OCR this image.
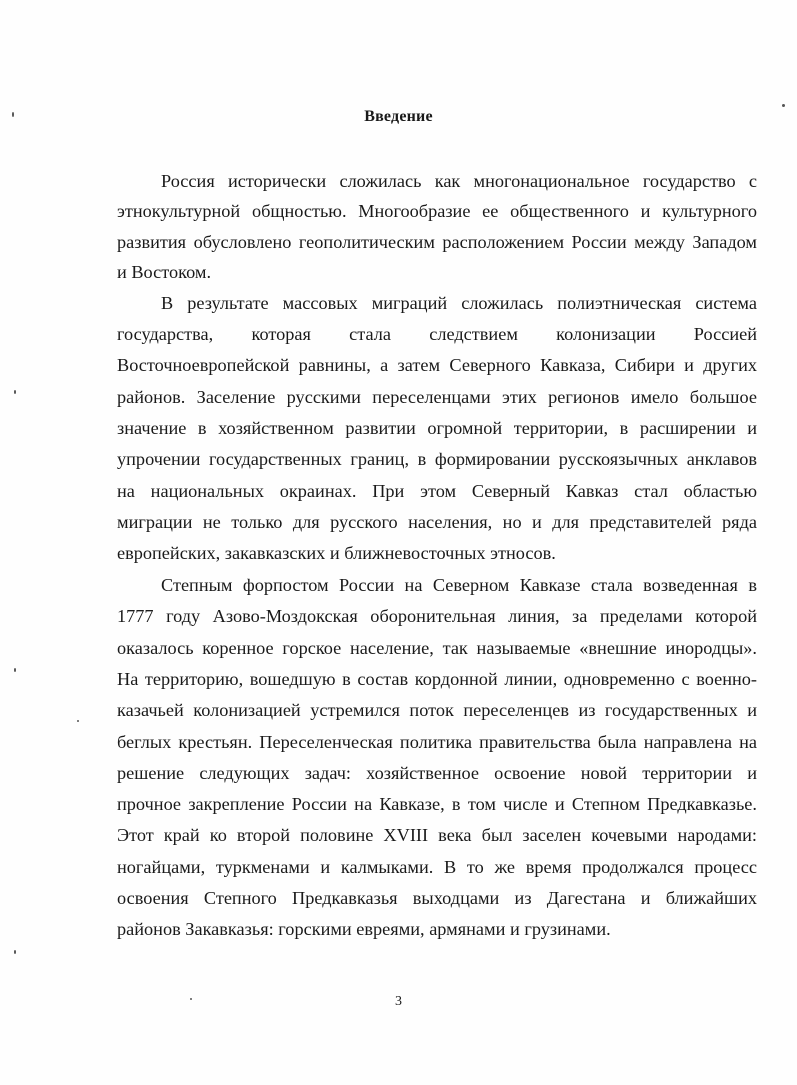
Введение
Россия исторически сложилась как многонациональное государство с
этнокультурной общностью. Многообразие ее общественного и культурного
развития обусловлено геополитическим расположением России между Западом
и Востоком.
В результате массовых миграций сложилась полиэтническая система
государства, которая стала следствием колонизации Россией
Восточноевропейской равнины, а затем Северного Кавказа, Сибири и других
районов. Заселение русскими переселенцами этих регионов имело большое
значение в хозяйственном развитии огромной территории, в расширении и
упрочении государственных границ, в формировании русскоязычных анклавов
на национальных окраинах. При этом Северный Кавказ стал областью
миграции не только для русского населения, но и для представителей ряда
европейских, закавказских и ближневосточных этносов.
Степным форпостом России на Северном Кавказе стала возведенная в
1777 году Азово-Моздокская оборонительная линия, за пределами которой
оказалось коренное горское население, так называемые «внешние инородцы».
На территорию, вошедшую в состав кордонной линии, одновременно с военно-
казачьей колонизацией устремился поток переселенцев из государственных и
беглых крестьян. Переселенческая политика правительства была направлена на
решение следующих задач: хозяйственное освоение новой территории и
прочное закрепление России на Кавказе, в том числе и Степном Предкавказье.
Этот край ко второй половине XVIII века был заселен кочевыми народами:
ногайцами, туркменами и калмыками. В то же время продолжался процесс
освоения Степного Предкавказья выходцами из Дагестана и ближайших
районов Закавказья: горскими евреями, армянами и грузинами.
3
